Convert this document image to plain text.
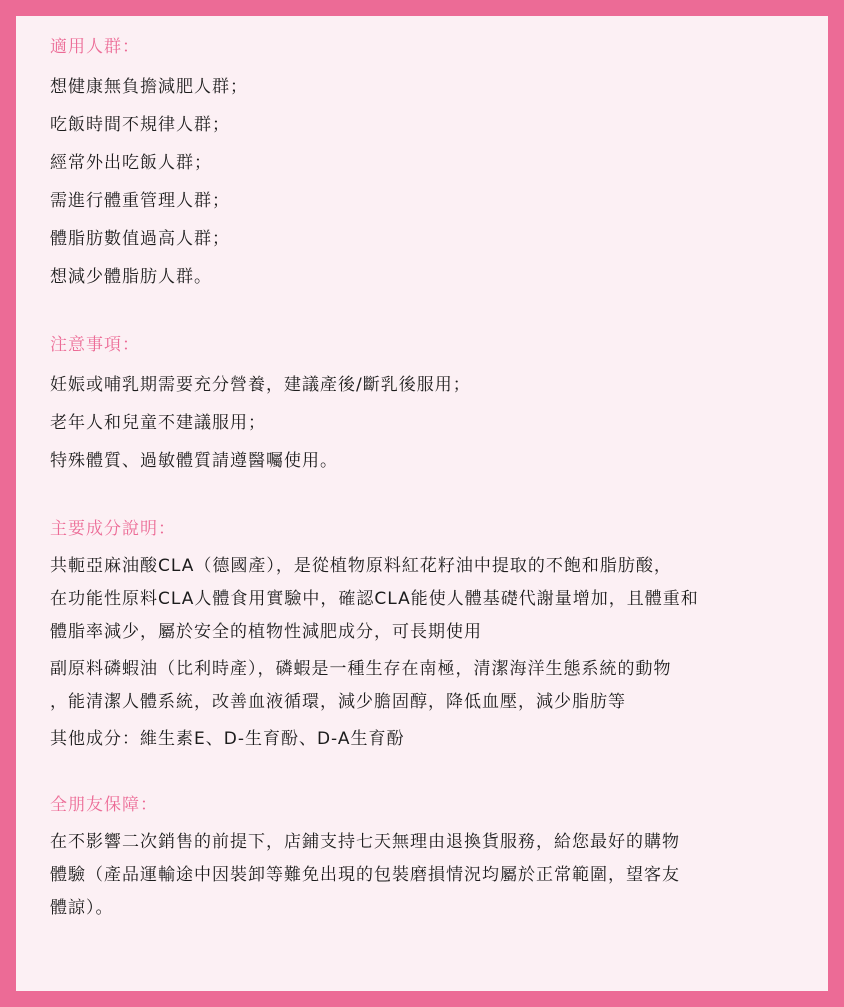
適用人群：
想健康無負擔減肥人群；
吃飯時間不規律人群；
經常外出吃飯人群；
需進行體重管理人群；
體脂肪數值過高人群；
想減少體脂肪人群。
注意事項：
妊娠或哺乳期需要充分營養，建議產後/斷乳後服用；
老年人和兒童不建議服用；
特殊體質、過敏體質請遵醫囑使用。
主要成分說明：
共軛亞麻油酸CLA（德國產），是從植物原料紅花籽油中提取的不飽和脂肪酸，
在功能性原料CLA人體食用實驗中，確認CLA能使人體基礎代謝量增加，且體重和
體脂率減少，屬於安全的植物性減肥成分，可長期使用
副原料磷蝦油（比利時產），磷蝦是一種生存在南極，清潔海洋生態系統的動物
，能清潔人體系統，改善血液循環，減少膽固醇，降低血壓，減少脂肪等
其他成分：維生素E、D-生育酚、D-A生育酚
全朋友保障：
在不影響二次銷售的前提下，店鋪支持七天無理由退換貨服務，給您最好的購物
體驗（產品運輸途中因裝卸等難免出現的包裝磨損情況均屬於正常範圍，望客友
體諒）。
